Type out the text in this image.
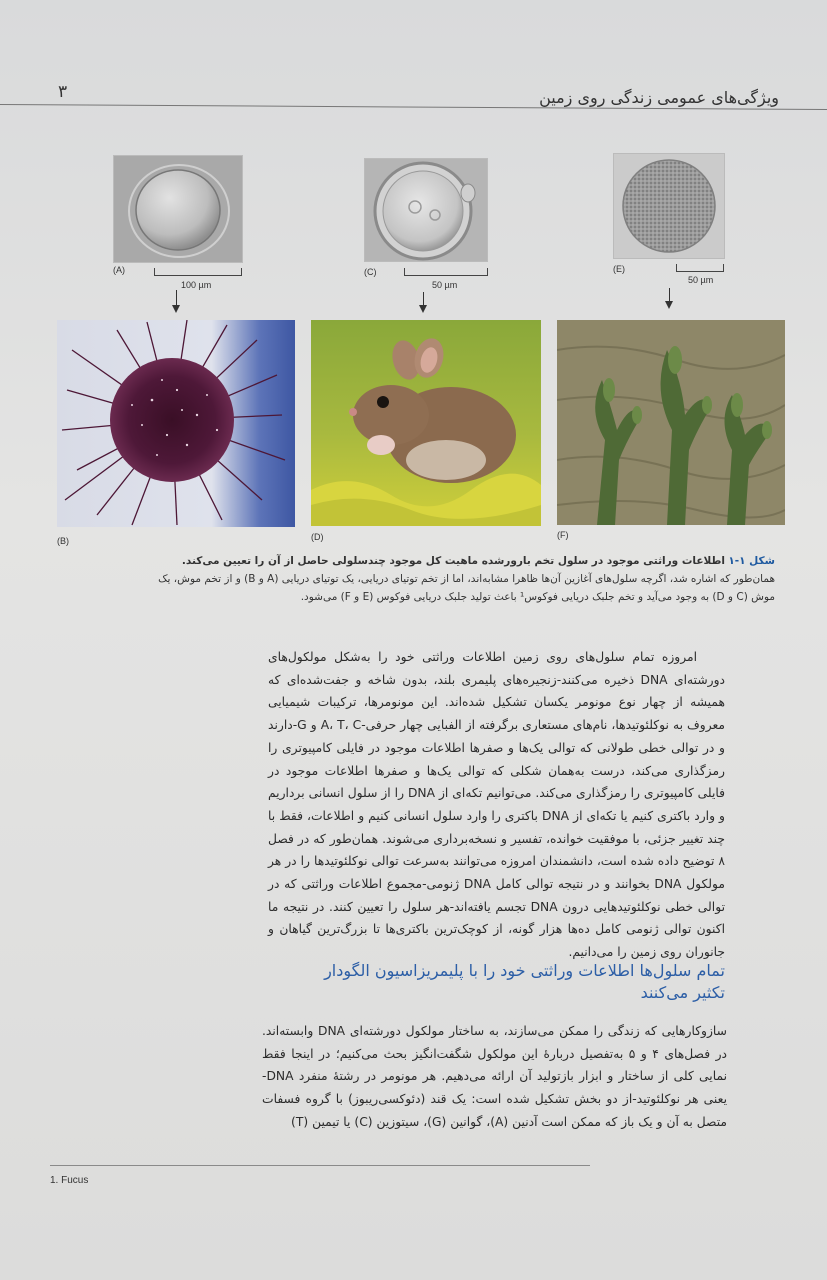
ویژگی‌های عمومی زندگی روی زمین
۳
(A)
100 µm
(C)
50 µm
(E)
50 µm
(B)	(D)	(F)
شکل ۱-۱ اطلاعات وراثتی موجود در سلول تخم بارورشده ماهیت کل موجود چندسلولی حاصل از آن را تعیین می‌کند. همان‌طور که اشاره شد، اگرچه سلول‌های آغازین آن‌ها ظاهرا مشابه‌اند، اما از تخم توتیای دریایی، یک توتیای دریایی (A و B) و از تخم موش، یک موش (C و D) به وجود می‌آید و تخم جلبک دریایی فوکوس¹ باعث تولید جلبک دریایی فوکوس (E و F) می‌شود.

امروزه تمام سلول‌های روی زمین اطلاعات وراثتی خود را به‌شکل مولکول‌های دورشته‌ای DNA ذخیره می‌کنند-زنجیره‌های پلیمری بلند، بدون شاخه و جفت‌شده‌ای که همیشه از چهار نوع مونومر یکسان تشکیل شده‌اند. این مونومرها، ترکیبات شیمیایی معروف به نوکلئوتیدها، نام‌های مستعاری برگرفته از الفبایی چهار حرفی-A، T، C و G-دارند و در توالی خطی طولانی که توالی یک‌ها و صفرها اطلاعات موجود در فایلی کامپیوتری را رمزگذاری می‌کند، درست به‌همان شکلی که توالی یک‌ها و صفرها اطلاعات موجود در فایلی کامپیوتری را رمزگذاری می‌کند. می‌توانیم تکه‌ای از DNA را از سلول انسانی برداریم و وارد باکتری کنیم یا تکه‌ای از DNA باکتری را وارد سلول انسانی کنیم و اطلاعات، فقط با چند تغییر جزئی، با موفقیت خوانده، تفسیر و نسخه‌برداری می‌شوند. همان‌طور که در فصل ۸ توضیح داده شده است، دانشمندان امروزه می‌توانند به‌سرعت توالی نوکلئوتیدها را در هر مولکول DNA بخوانند و در نتیجه توالی کامل DNA ژنومی-مجموع اطلاعات وراثتی که در توالی خطی نوکلئوتیدهایی درون DNA تجسم یافته‌اند-هر سلول را تعیین کنند. در نتیجه ما اکنون توالی ژنومی کامل ده‌ها هزار گونه، از کوچک‌ترین باکتری‌ها تا بزرگ‌ترین گیاهان و جانوران روی زمین را می‌دانیم.

تمام سلول‌ها اطلاعات وراثتی خود را با پلیمریزاسیون الگودار تکثیر می‌کنند

سازوکارهایی که زندگی را ممکن می‌سازند، به ساختار مولکول دورشته‌ای DNA وابسته‌اند. در فصل‌های ۴ و ۵ به‌تفصیل دربارهٔ این مولکول شگفت‌انگیز بحث می‌کنیم؛ در اینجا فقط نمایی کلی از ساختار و ابزار بازتولید آن ارائه می‌دهیم. هر مونومر در رشتهٔ منفرد DNA-یعنی هر نوکلئوتید-از دو بخش تشکیل شده است: یک قند (دئوکسی‌ریبوز) با گروه فسفات متصل به آن و یک باز که ممکن است آدنین (A)، گوانین (G)، سیتوزین (C) یا تیمین (T)

1. Fucus
